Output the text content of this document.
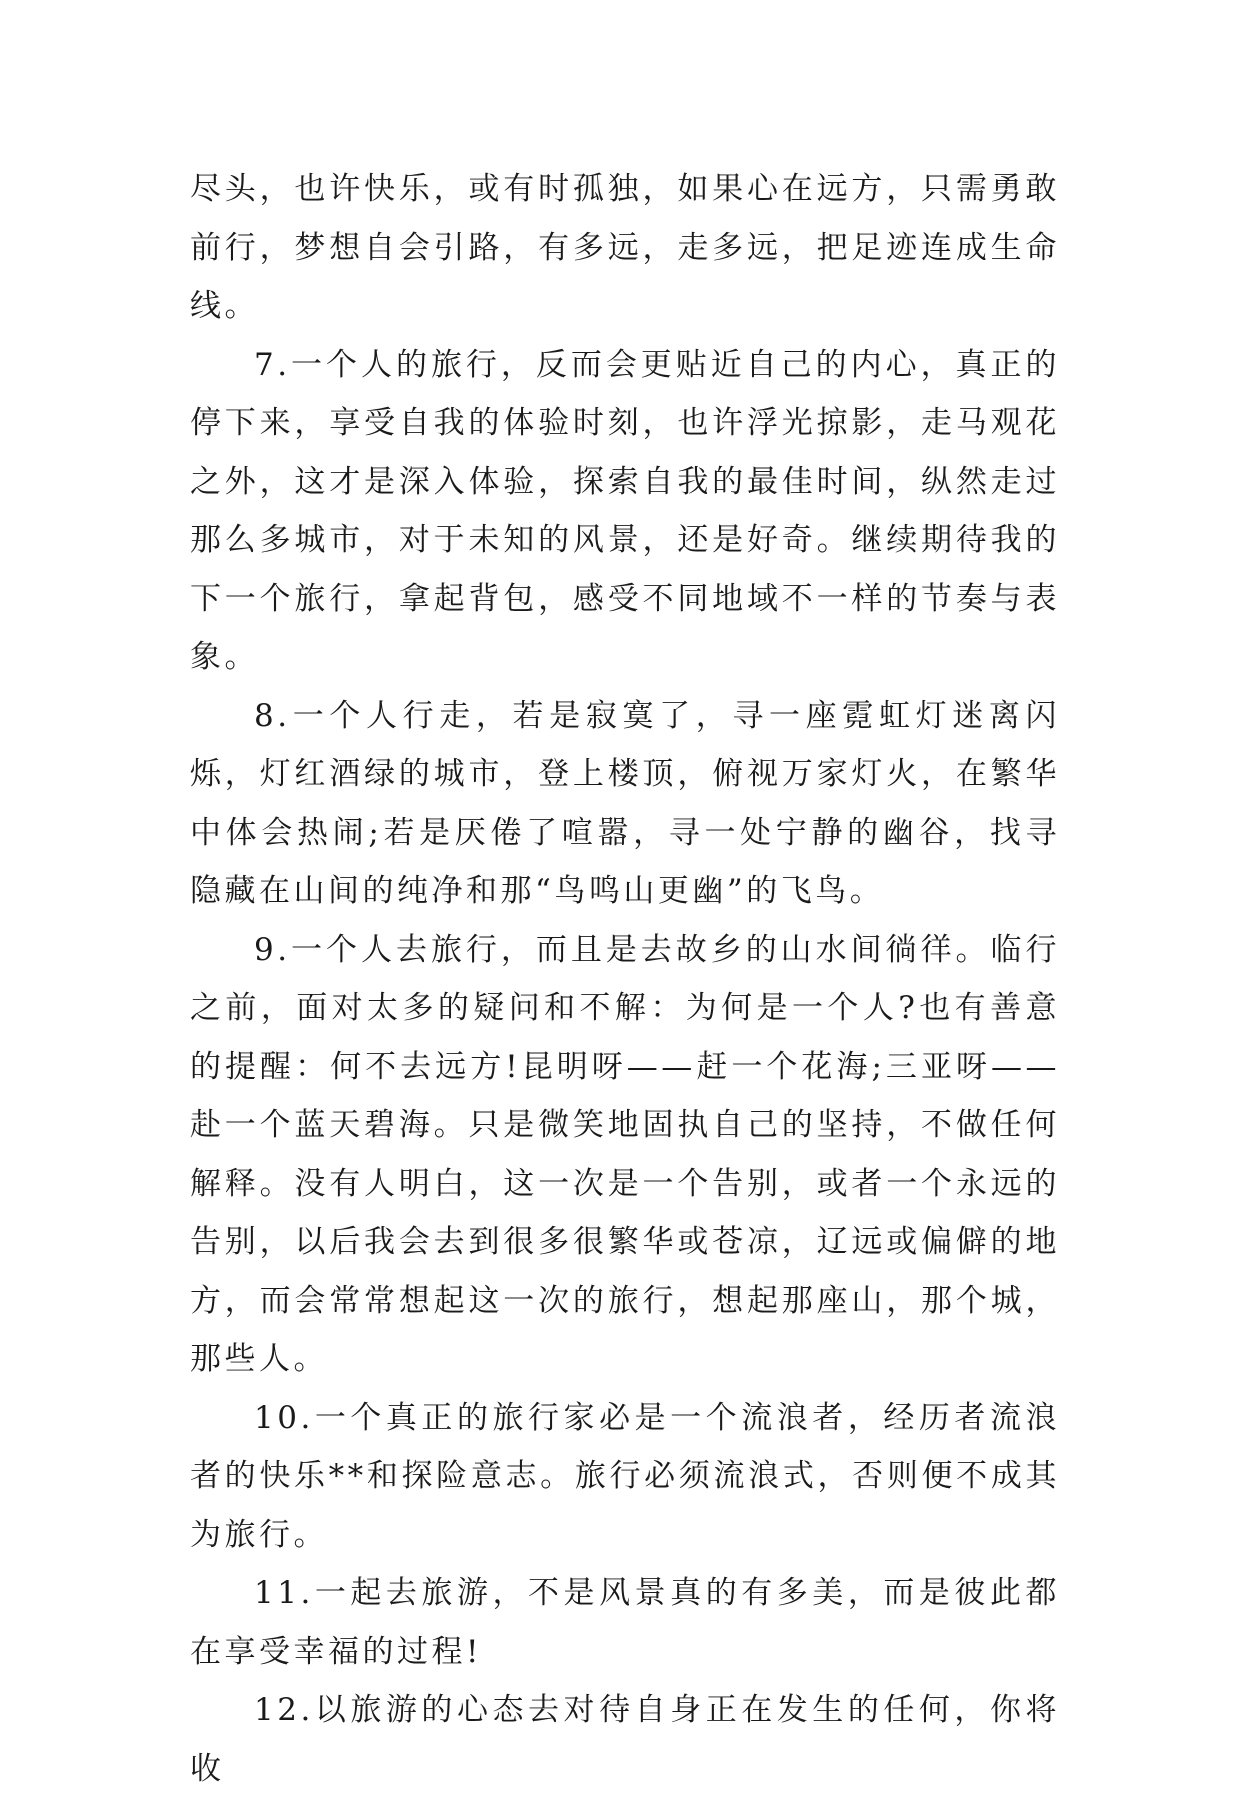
尽头，也许快乐，或有时孤独，如果心在远方，只需勇敢前行，梦想自会引路，有多远，走多远，把足迹连成生命线。

7.一个人的旅行，反而会更贴近自己的内心，真正的停下来，享受自我的体验时刻，也许浮光掠影，走马观花之外，这才是深入体验，探索自我的最佳时间，纵然走过那么多城市，对于未知的风景，还是好奇。继续期待我的下一个旅行，拿起背包，感受不同地域不一样的节奏与表象。

8.一个人行走，若是寂寞了，寻一座霓虹灯迷离闪烁，灯红酒绿的城市，登上楼顶，俯视万家灯火，在繁华中体会热闹;若是厌倦了喧嚣，寻一处宁静的幽谷，找寻隐藏在山间的纯净和那“鸟鸣山更幽”的飞鸟。

9.一个人去旅行，而且是去故乡的山水间徜徉。临行之前，面对太多的疑问和不解：为何是一个人?也有善意的提醒：何不去远方!昆明呀——赶一个花海;三亚呀——赴一个蓝天碧海。只是微笑地固执自己的坚持，不做任何解释。没有人明白，这一次是一个告别，或者一个永远的告别，以后我会去到很多很繁华或苍凉，辽远或偏僻的地方，而会常常想起这一次的旅行，想起那座山，那个城，那些人。

10.一个真正的旅行家必是一个流浪者，经历者流浪者的快乐**和探险意志。旅行必须流浪式，否则便不成其为旅行。

11.一起去旅游，不是风景真的有多美，而是彼此都在享受幸福的过程!

12.以旅游的心态去对待自身正在发生的任何，你将收
